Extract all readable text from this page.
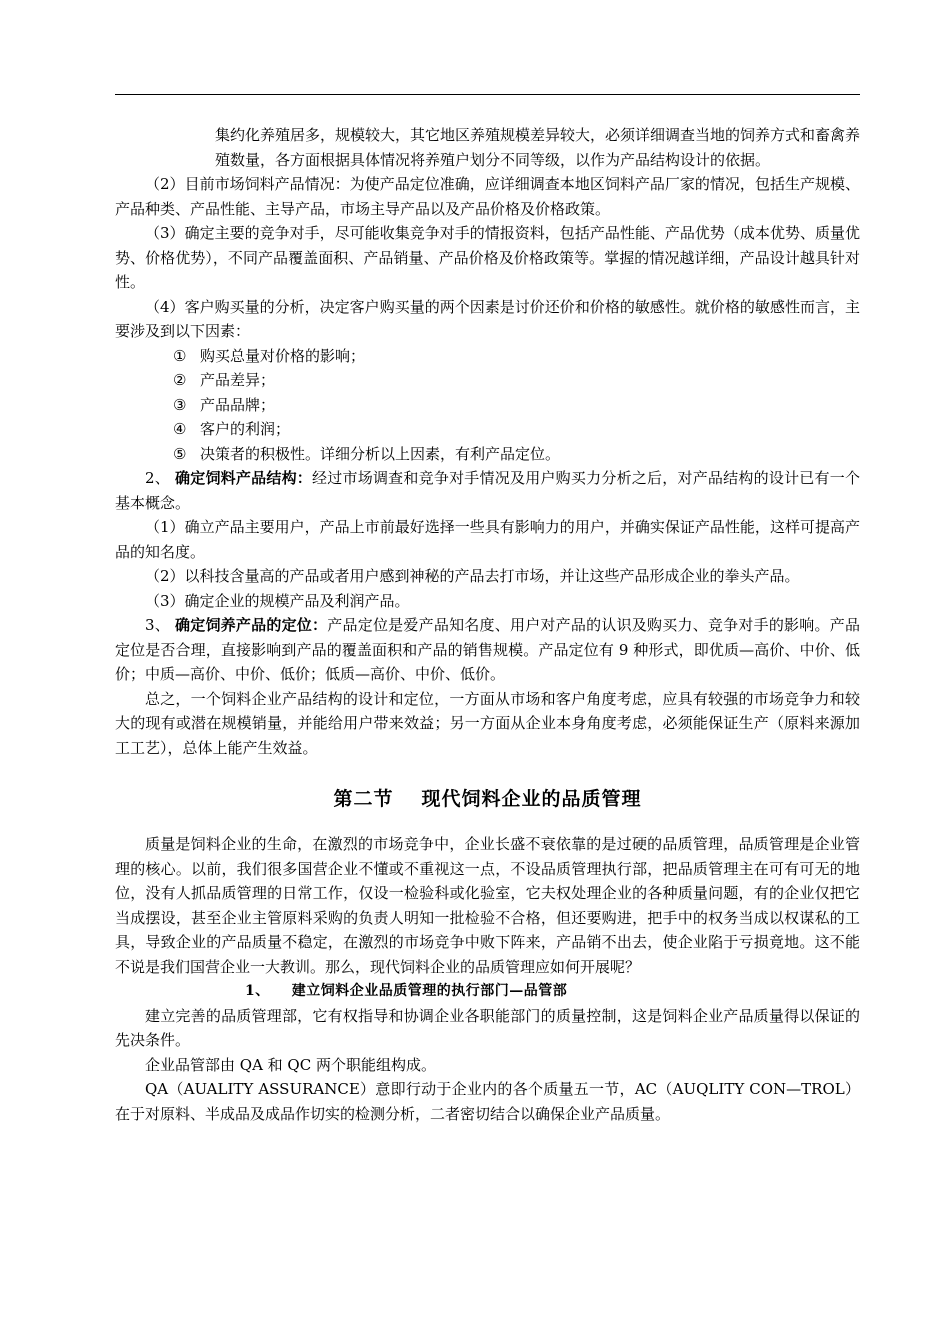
集约化养殖居多，规模较大，其它地区养殖规模差异较大，必须详细调查当地的饲养方式和畜禽养殖数量，各方面根据具体情况将养殖户划分不同等级，以作为产品结构设计的依据。

（2）目前市场饲料产品情况：为使产品定位准确，应详细调查本地区饲料产品厂家的情况，包括生产规模、产品种类、产品性能、主导产品，市场主导产品以及产品价格及价格政策。

（3）确定主要的竞争对手，尽可能收集竞争对手的情报资料，包括产品性能、产品优势（成本优势、质量优势、价格优势），不同产品覆盖面积、产品销量、产品价格及价格政策等。掌握的情况越详细，产品设计越具针对性。

（4）客户购买量的分析，决定客户购买量的两个因素是讨价还价和价格的敏感性。就价格的敏感性而言，主要涉及到以下因素：

① 购买总量对价格的影响；

② 产品差异；

③ 产品品牌；

④ 客户的利润；

⑤ 决策者的积极性。详细分析以上因素，有利产品定位。

2、 确定饲料产品结构：经过市场调查和竞争对手情况及用户购买力分析之后，对产品结构的设计已有一个基本概念。

（1）确立产品主要用户，产品上市前最好选择一些具有影响力的用户，并确实保证产品性能，这样可提高产品的知名度。

（2）以科技含量高的产品或者用户感到神秘的产品去打市场，并让这些产品形成企业的拳头产品。

（3）确定企业的规模产品及利润产品。

3、 确定饲养产品的定位：产品定位是爱产品知名度、用户对产品的认识及购买力、竞争对手的影响。产品定位是否合理，直接影响到产品的覆盖面积和产品的销售规模。产品定位有 9 种形式，即优质—高价、中价、低价；中质—高价、中价、低价；低质—高价、中价、低价。

总之，一个饲料企业产品结构的设计和定位，一方面从市场和客户角度考虑，应具有较强的市场竞争力和较大的现有或潜在规模销量，并能给用户带来效益；另一方面从企业本身角度考虑，必须能保证生产（原料来源加工工艺），总体上能产生效益。

第二节 现代饲料企业的品质管理

质量是饲料企业的生命，在激烈的市场竞争中，企业长盛不衰依靠的是过硬的品质管理，品质管理是企业管理的核心。以前，我们很多国营企业不懂或不重视这一点，不设品质管理执行部，把品质管理主在可有可无的地位，没有人抓品质管理的日常工作，仅设一检验科或化验室，它夫权处理企业的各种质量问题，有的企业仅把它当成摆设，甚至企业主管原料采购的负责人明知一批检验不合格，但还要购进，把手中的权务当成以权谋私的工具，导致企业的产品质量不稳定，在激烈的市场竞争中败下阵来，产品销不出去，使企业陷于亏损竟地。这不能不说是我们国营企业一大教训。那么，现代饲料企业的品质管理应如何开展呢？

1、 建立饲料企业品质管理的执行部门—品管部

建立完善的品质管理部，它有权指导和协调企业各职能部门的质量控制，这是饲料企业产品质量得以保证的先决条件。

企业品管部由 QA 和 QC 两个职能组构成。

QA（AUALITY ASSURANCE）意即行动于企业内的各个质量五一节，AC（AUQLITY CON—TROL）在于对原料、半成品及成品作切实的检测分析，二者密切结合以确保企业产品质量。
